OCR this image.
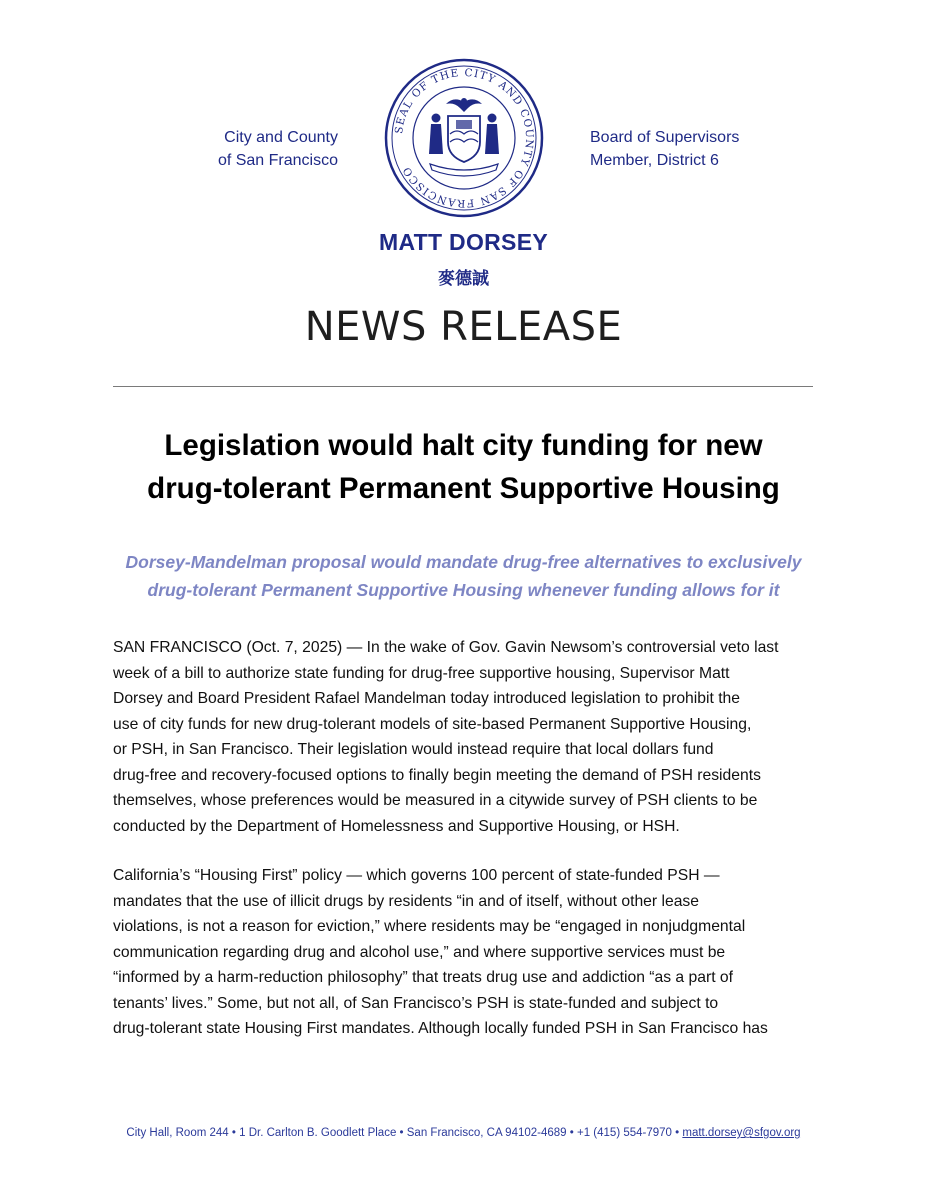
City and County
of San Francisco
SEAL OF THE CITY AND COUNTY OF SAN FRANCISCO
Board of Supervisors
Member, District 6
MATT DORSEY
麥德誠
NEWS RELEASE
Legislation would halt city funding for new
drug-tolerant Permanent Supportive Housing
Dorsey-Mandelman proposal would mandate drug-free alternatives to exclusively
drug-tolerant Permanent Supportive Housing whenever funding allows for it

SAN FRANCISCO (Oct. 7, 2025) — In the wake of Gov. Gavin Newsom’s controversial veto last
week of a bill to authorize state funding for drug-free supportive housing, Supervisor Matt
Dorsey and Board President Rafael Mandelman today introduced legislation to prohibit the
use of city funds for new drug-tolerant models of site-based Permanent Supportive Housing,
or PSH, in San Francisco. Their legislation would instead require that local dollars fund
drug-free and recovery-focused options to finally begin meeting the demand of PSH residents
themselves, whose preferences would be measured in a citywide survey of PSH clients to be
conducted by the Department of Homelessness and Supportive Housing, or HSH.

California’s “Housing First” policy — which governs 100 percent of state-funded PSH —
mandates that the use of illicit drugs by residents “in and of itself, without other lease
violations, is not a reason for eviction,” where residents may be “engaged in nonjudgmental
communication regarding drug and alcohol use,” and where supportive services must be
“informed by a harm-reduction philosophy” that treats drug use and addiction “as a part of
tenants’ lives.” Some, but not all, of San Francisco’s PSH is state-funded and subject to
drug-tolerant state Housing First mandates. Although locally funded PSH in San Francisco has

City Hall, Room 244 • 1 Dr. Carlton B. Goodlett Place • San Francisco, CA 94102-4689 • +1 (415) 554-7970 • matt.dorsey@sfgov.org
